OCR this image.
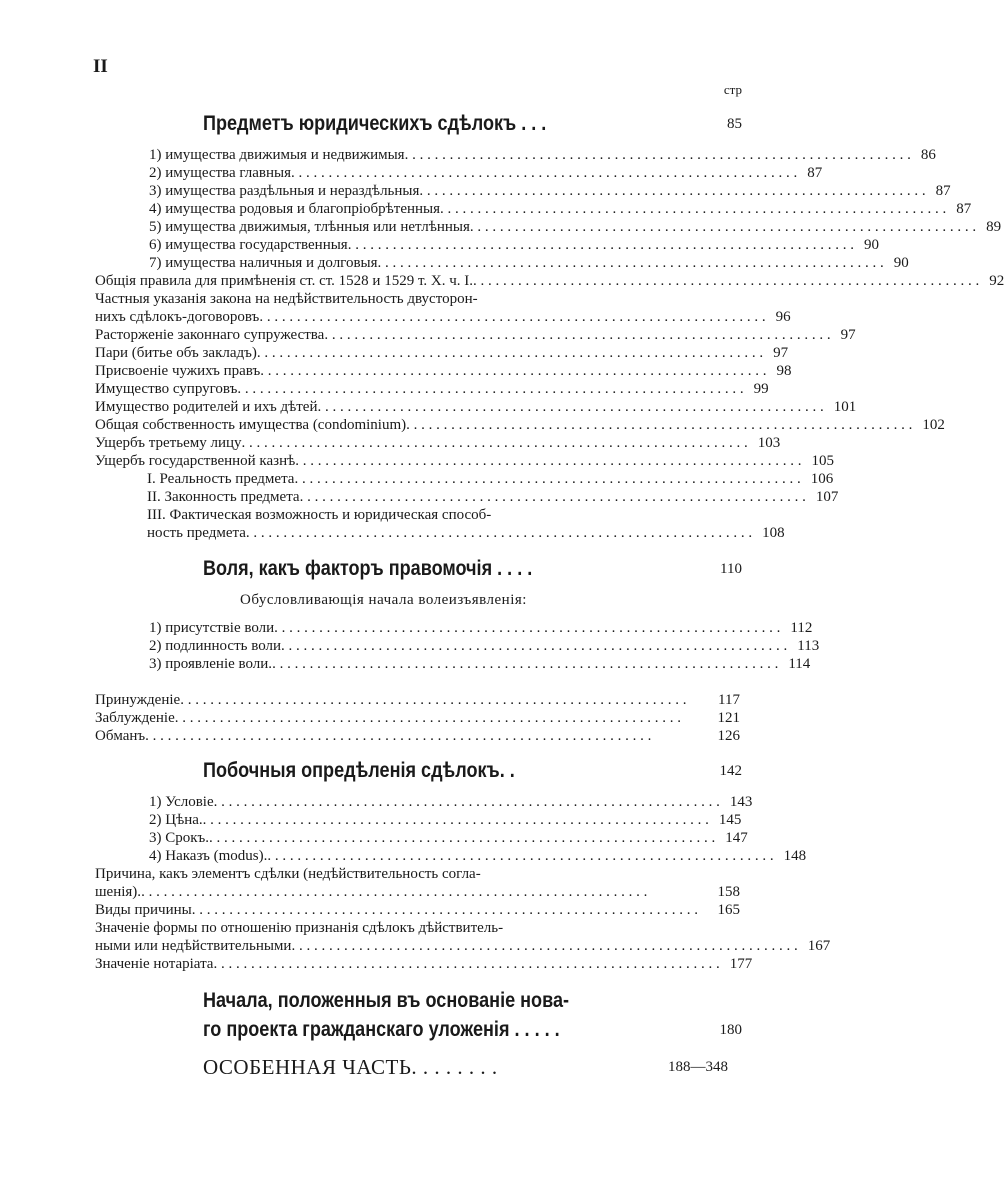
II
стр
Предметъ юридическихъ сдѣлокъ . . .	85
1) имущества движимыя и недвижимыя . . . . . . . . . . . . . . . . . . . . . . . . . . . . . . . . . . . . . . . . . . . . . . . . . . . . . . . . . . . . . . . . . . . . 86
2) имущества главныя . . . . . . . . . . . . . . . . . . . . . . . . . . . . . . . . . . . . . . . . . . . . . . . . . . . . . . . . . . . . . . . . . . . . 87
3) имущества раздѣльныя и нераздѣльныя . . . . . . . . . . . . . . . . . . . . . . . . . . . . . . . . . . . . . . . . . . . . . . . . . . . . . . . . . . . . . . . . . . . . 87
4) имущества родовыя и благопріобрѣтенныя . . . . . . . . . . . . . . . . . . . . . . . . . . . . . . . . . . . . . . . . . . . . . . . . . . . . . . . . . . . . . . . . . . . . 87
5) имущества движимыя, тлѣнныя или нетлѣнныя . . . . . . . . . . . . . . . . . . . . . . . . . . . . . . . . . . . . . . . . . . . . . . . . . . . . . . . . . . . . . . . . . . . . 89
6) имущества государственныя . . . . . . . . . . . . . . . . . . . . . . . . . . . . . . . . . . . . . . . . . . . . . . . . . . . . . . . . . . . . . . . . . . . . 90
7) имущества наличныя и долговыя . . . . . . . . . . . . . . . . . . . . . . . . . . . . . . . . . . . . . . . . . . . . . . . . . . . . . . . . . . . . . . . . . . . . 90
Общія правила для примѣненія ст. ст. 1528 и 1529 т. X. ч. I. . . . . . . . . . . . . . . . . . . . . . . . . . . . . . . . . . . . . . . . . . . . . . . . . . . . . . . . . . . . . . . . . . . . . 92
Частныя указанія закона на недѣйствительность двусторон-
нихъ сдѣлокъ-договоровъ . . . . . . . . . . . . . . . . . . . . . . . . . . . . . . . . . . . . . . . . . . . . . . . . . . . . . . . . . . . . . . . . . . . . 96
Расторженіе законнаго супружества . . . . . . . . . . . . . . . . . . . . . . . . . . . . . . . . . . . . . . . . . . . . . . . . . . . . . . . . . . . . . . . . . . . . 97
Пари (битье объ закладъ) . . . . . . . . . . . . . . . . . . . . . . . . . . . . . . . . . . . . . . . . . . . . . . . . . . . . . . . . . . . . . . . . . . . . 97
Присвоеніе чужихъ правъ . . . . . . . . . . . . . . . . . . . . . . . . . . . . . . . . . . . . . . . . . . . . . . . . . . . . . . . . . . . . . . . . . . . . 98
Имущество супруговъ . . . . . . . . . . . . . . . . . . . . . . . . . . . . . . . . . . . . . . . . . . . . . . . . . . . . . . . . . . . . . . . . . . . . 99
Имущество родителей и ихъ дѣтей . . . . . . . . . . . . . . . . . . . . . . . . . . . . . . . . . . . . . . . . . . . . . . . . . . . . . . . . . . . . . . . . . . . . 101
Общая собственность имущества (condominium) . . . . . . . . . . . . . . . . . . . . . . . . . . . . . . . . . . . . . . . . . . . . . . . . . . . . . . . . . . . . . . . . . . . . 102
Ущербъ третьему лицу . . . . . . . . . . . . . . . . . . . . . . . . . . . . . . . . . . . . . . . . . . . . . . . . . . . . . . . . . . . . . . . . . . . . 103
Ущербъ государственной казнѣ . . . . . . . . . . . . . . . . . . . . . . . . . . . . . . . . . . . . . . . . . . . . . . . . . . . . . . . . . . . . . . . . . . . . 105
I. Реальность предмета . . . . . . . . . . . . . . . . . . . . . . . . . . . . . . . . . . . . . . . . . . . . . . . . . . . . . . . . . . . . . . . . . . . . 106
II. Законность предмета . . . . . . . . . . . . . . . . . . . . . . . . . . . . . . . . . . . . . . . . . . . . . . . . . . . . . . . . . . . . . . . . . . . . 107
III. Фактическая возможность и юридическая способ-
ность предмета . . . . . . . . . . . . . . . . . . . . . . . . . . . . . . . . . . . . . . . . . . . . . . . . . . . . . . . . . . . . . . . . . . . . 108
Воля, какъ факторъ правомочія . . . .	110
Обусловливающія начала волеизъявленія:
1) присутствіе воли . . . . . . . . . . . . . . . . . . . . . . . . . . . . . . . . . . . . . . . . . . . . . . . . . . . . . . . . . . . . . . . . . . . . 112
2) подлинность воли . . . . . . . . . . . . . . . . . . . . . . . . . . . . . . . . . . . . . . . . . . . . . . . . . . . . . . . . . . . . . . . . . . . . 113
3) проявленіе воли. . . . . . . . . . . . . . . . . . . . . . . . . . . . . . . . . . . . . . . . . . . . . . . . . . . . . . . . . . . . . . . . . . . . . 114
Принужденіе . . . . . . . . . . . . . . . . . . . . . . . . . . . . . . . . . . . . . . . . . . . . . . . . . . . . . . . . . . . . . . . . . . . .	117
Заблужденіе . . . . . . . . . . . . . . . . . . . . . . . . . . . . . . . . . . . . . . . . . . . . . . . . . . . . . . . . . . . . . . . . . . . .	121
Обманъ . . . . . . . . . . . . . . . . . . . . . . . . . . . . . . . . . . . . . . . . . . . . . . . . . . . . . . . . . . . . . . . . . . . .	126
Побочныя опредѣленія сдѣлокъ. .	142
1) Условіе . . . . . . . . . . . . . . . . . . . . . . . . . . . . . . . . . . . . . . . . . . . . . . . . . . . . . . . . . . . . . . . . . . . . 143
2) Цѣна. . . . . . . . . . . . . . . . . . . . . . . . . . . . . . . . . . . . . . . . . . . . . . . . . . . . . . . . . . . . . . . . . . . . . 145
3) Срокъ. . . . . . . . . . . . . . . . . . . . . . . . . . . . . . . . . . . . . . . . . . . . . . . . . . . . . . . . . . . . . . . . . . . . . 147
4) Наказъ (modus). . . . . . . . . . . . . . . . . . . . . . . . . . . . . . . . . . . . . . . . . . . . . . . . . . . . . . . . . . . . . . . . . . . . . 148
Причина, какъ элементъ сдѣлки (недѣйствительность согла-
шенія). . . . . . . . . . . . . . . . . . . . . . . . . . . . . . . . . . . . . . . . . . . . . . . . . . . . . . . . . . . . . . . . . . . . .	158
Виды причины . . . . . . . . . . . . . . . . . . . . . . . . . . . . . . . . . . . . . . . . . . . . . . . . . . . . . . . . . . . . . . . . . . . .	165
Значеніе формы по отношенію признанія сдѣлокъ дѣйствитель-
ными или недѣйствительными . . . . . . . . . . . . . . . . . . . . . . . . . . . . . . . . . . . . . . . . . . . . . . . . . . . . . . . . . . . . . . . . . . . . 167
Значеніе нотаріата . . . . . . . . . . . . . . . . . . . . . . . . . . . . . . . . . . . . . . . . . . . . . . . . . . . . . . . . . . . . . . . . . . . . 177
Начала, положенныя въ основаніе нова-
го проекта гражданскаго уложенія . . . . .	180
ОСОБЕННАЯ ЧАСТЬ. . . . . . . .	188—348
